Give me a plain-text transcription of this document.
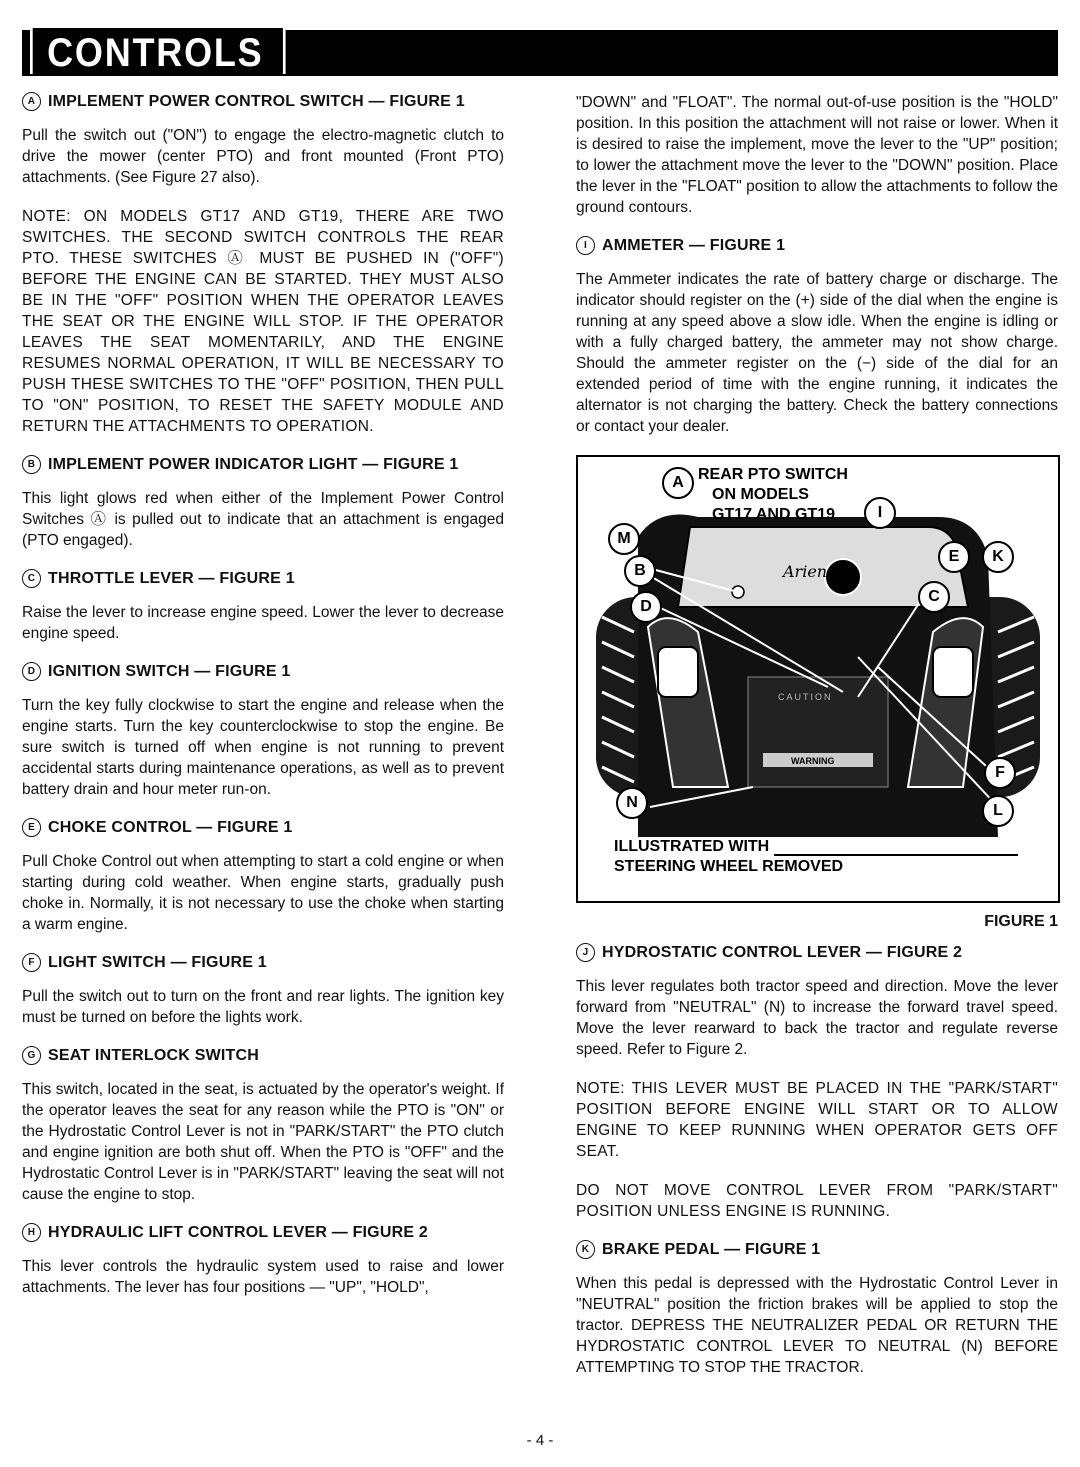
CONTROLS
A IMPLEMENT POWER CONTROL SWITCH — FIGURE 1

Pull the switch out ("ON") to engage the electro-magnetic clutch to drive the mower (center PTO) and front mounted (Front PTO) attachments. (See Figure 27 also).

NOTE: ON MODELS GT17 AND GT19, THERE ARE TWO SWITCHES. THE SECOND SWITCH CONTROLS THE REAR PTO. THESE SWITCHES Ⓐ MUST BE PUSHED IN ("OFF") BEFORE THE ENGINE CAN BE STARTED. THEY MUST ALSO BE IN THE "OFF" POSITION WHEN THE OPERATOR LEAVES THE SEAT OR THE ENGINE WILL STOP. IF THE OPERATOR LEAVES THE SEAT MOMENTARILY, AND THE ENGINE RESUMES NORMAL OPERATION, IT WILL BE NECESSARY TO PUSH THESE SWITCHES TO THE "OFF" POSITION, THEN PULL TO "ON" POSITION, TO RESET THE SAFETY MODULE AND RETURN THE ATTACHMENTS TO OPERATION.

B IMPLEMENT POWER INDICATOR LIGHT — FIGURE 1

This light glows red when either of the Implement Power Control Switches Ⓐ is pulled out to indicate that an attachment is engaged (PTO engaged).

C THROTTLE LEVER — FIGURE 1

Raise the lever to increase engine speed. Lower the lever to decrease engine speed.

D IGNITION SWITCH — FIGURE 1

Turn the key fully clockwise to start the engine and release when the engine starts. Turn the key counterclockwise to stop the engine. Be sure switch is turned off when engine is not running to prevent accidental starts during maintenance operations, as well as to prevent battery drain and hour meter run-on.

E CHOKE CONTROL — FIGURE 1

Pull Choke Control out when attempting to start a cold engine or when starting during cold weather. When engine starts, gradually push choke in. Normally, it is not necessary to use the choke when starting a warm engine.

F LIGHT SWITCH — FIGURE 1

Pull the switch out to turn on the front and rear lights. The ignition key must be turned on before the lights work.

G SEAT INTERLOCK SWITCH

This switch, located in the seat, is actuated by the operator's weight. If the operator leaves the seat for any reason while the PTO is "ON" or the Hydrostatic Control Lever is not in "PARK/START" the PTO clutch and engine ignition are both shut off. When the PTO is "OFF" and the Hydrostatic Control Lever is in "PARK/START" leaving the seat will not cause the engine to stop.

H HYDRAULIC LIFT CONTROL LEVER — FIGURE 2

This lever controls the hydraulic system used to raise and lower attachments. The lever has four positions — "UP", "HOLD",

"DOWN" and "FLOAT". The normal out-of-use position is the "HOLD" position. In this position the attachment will not raise or lower. When it is desired to raise the implement, move the lever to the "UP" position; to lower the attachment move the lever to the "DOWN" position. Place the lever in the "FLOAT" position to allow the attachments to follow the ground contours.

I AMMETER — FIGURE 1

The Ammeter indicates the rate of battery charge or discharge. The indicator should register on the (+) side of the dial when the engine is running at any speed above a slow idle. When the engine is idling or with a fully charged battery, the ammeter may not show charge. Should the ammeter register on the (−) side of the dial for an extended period of time with the engine running, it indicates the alternator is not charging the battery. Check the battery connections or contact your dealer.

Ariens
CAUTION
WARNING
REAR PTO SWITCH
ON MODELS
GT17 AND GT19
ILLUSTRATED WITH
STEERING WHEEL REMOVED
A
I
M
B
D
E	K
C
F
N	L
FIGURE 1
J HYDROSTATIC CONTROL LEVER — FIGURE 2

This lever regulates both tractor speed and direction. Move the lever forward from "NEUTRAL" (N) to increase the forward travel speed. Move the lever rearward to back the tractor and regulate reverse speed. Refer to Figure 2.

NOTE: THIS LEVER MUST BE PLACED IN THE "PARK/START" POSITION BEFORE ENGINE WILL START OR TO ALLOW ENGINE TO KEEP RUNNING WHEN OPERATOR GETS OFF SEAT.

DO NOT MOVE CONTROL LEVER FROM "PARK/START" POSITION UNLESS ENGINE IS RUNNING.

K BRAKE PEDAL — FIGURE 1

When this pedal is depressed with the Hydrostatic Control Lever in "NEUTRAL" position the friction brakes will be applied to stop the tractor. DEPRESS THE NEUTRALIZER PEDAL OR RETURN THE HYDROSTATIC CONTROL LEVER TO NEUTRAL (N) BEFORE ATTEMPTING TO STOP THE TRACTOR.

- 4 -
